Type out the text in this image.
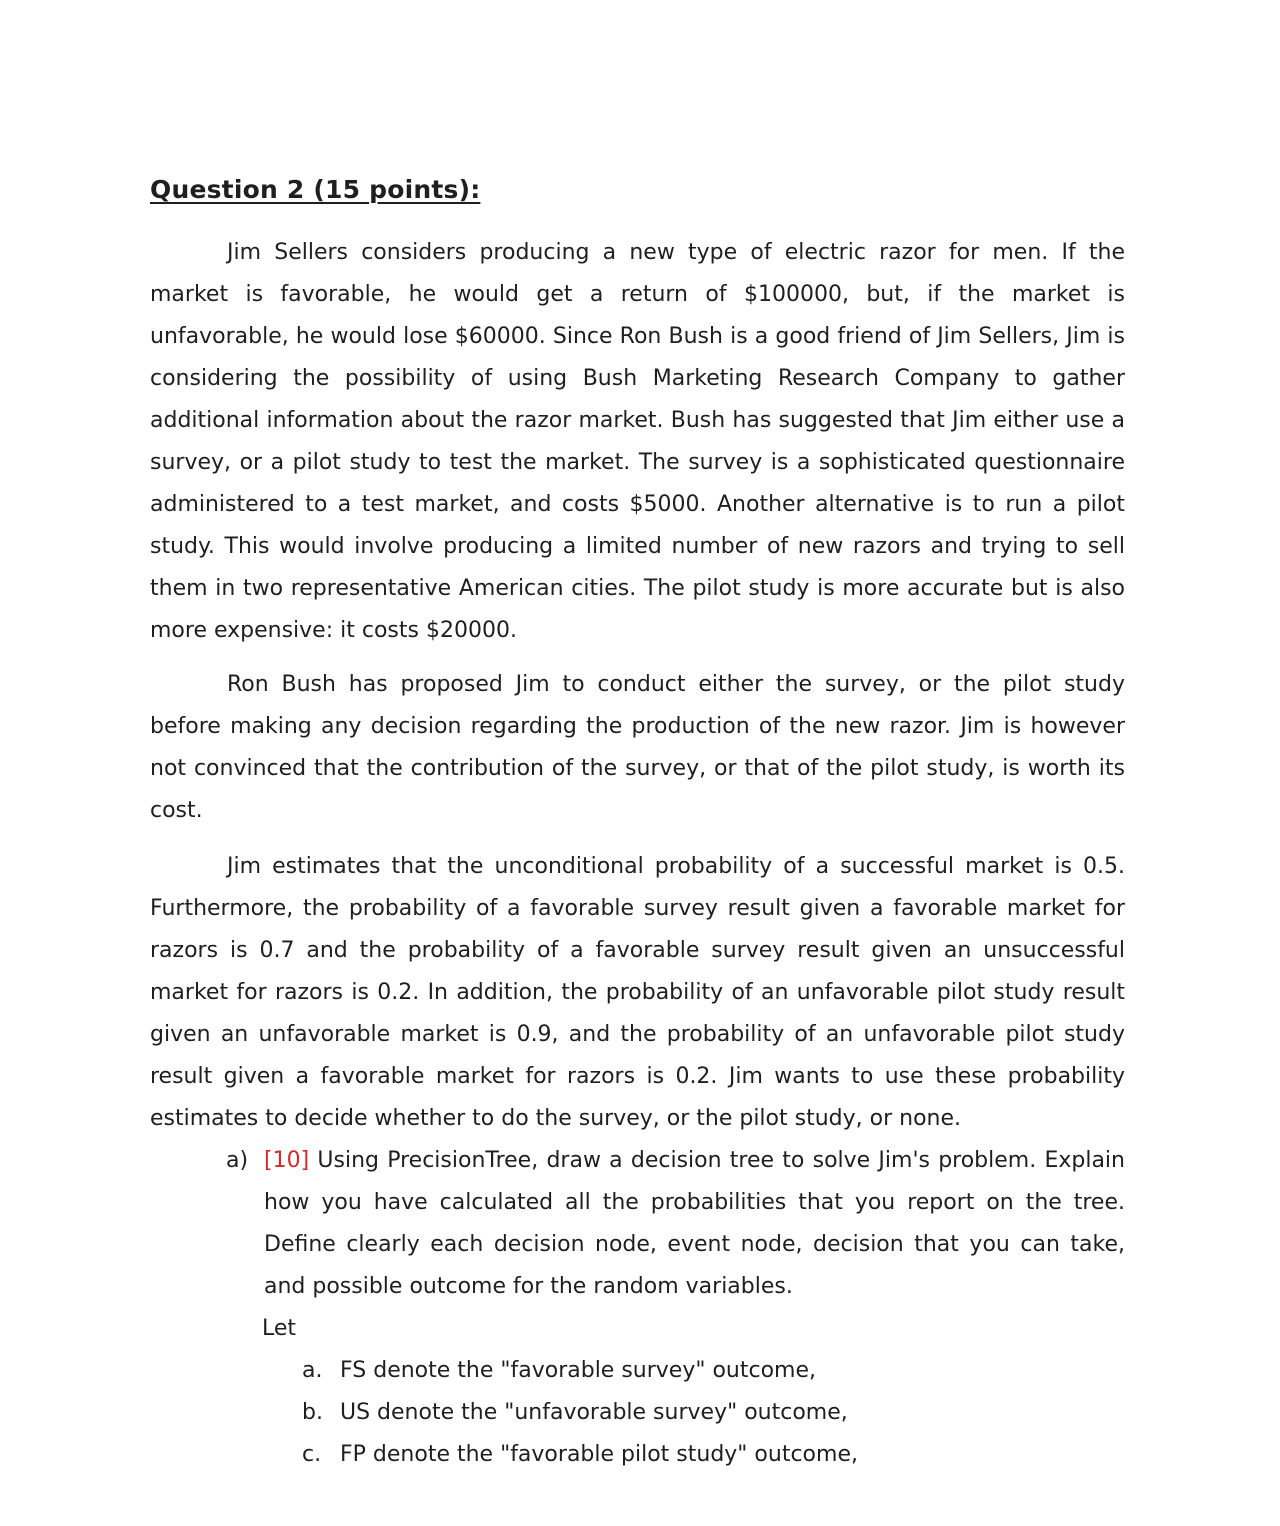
Question 2 (15 points):

Jim Sellers considers producing a new type of electric razor for men. If the market is favorable, he would get a return of $100000, but, if the market is unfavorable, he would lose $60000. Since Ron Bush is a good friend of Jim Sellers, Jim is considering the possibility of using Bush Marketing Research Company to gather additional information about the razor market. Bush has suggested that Jim either use a survey, or a pilot study to test the market. The survey is a sophisticated questionnaire administered to a test market, and costs $5000. Another alternative is to run a pilot study. This would involve producing a limited number of new razors and trying to sell them in two representative American cities. The pilot study is more accurate but is also more expensive: it costs $20000.

Ron Bush has proposed Jim to conduct either the survey, or the pilot study before making any decision regarding the production of the new razor. Jim is however not convinced that the contribution of the survey, or that of the pilot study, is worth its cost.

Jim estimates that the unconditional probability of a successful market is 0.5. Furthermore, the probability of a favorable survey result given a favorable market for razors is 0.7 and the probability of a favorable survey result given an unsuccessful market for razors is 0.2. In addition, the probability of an unfavorable pilot study result given an unfavorable market is 0.9, and the probability of an unfavorable pilot study result given a favorable market for razors is 0.2. Jim wants to use these probability estimates to decide whether to do the survey, or the pilot study, or none.

a) [10] Using PrecisionTree, draw a decision tree to solve Jim's problem. Explain how you have calculated all the probabilities that you report on the tree. Define clearly each decision node, event node, decision that you can take, and possible outcome for the random variables.
Let
a. FS denote the "favorable survey" outcome,
b. US denote the "unfavorable survey" outcome,
c. FP denote the "favorable pilot study" outcome,
